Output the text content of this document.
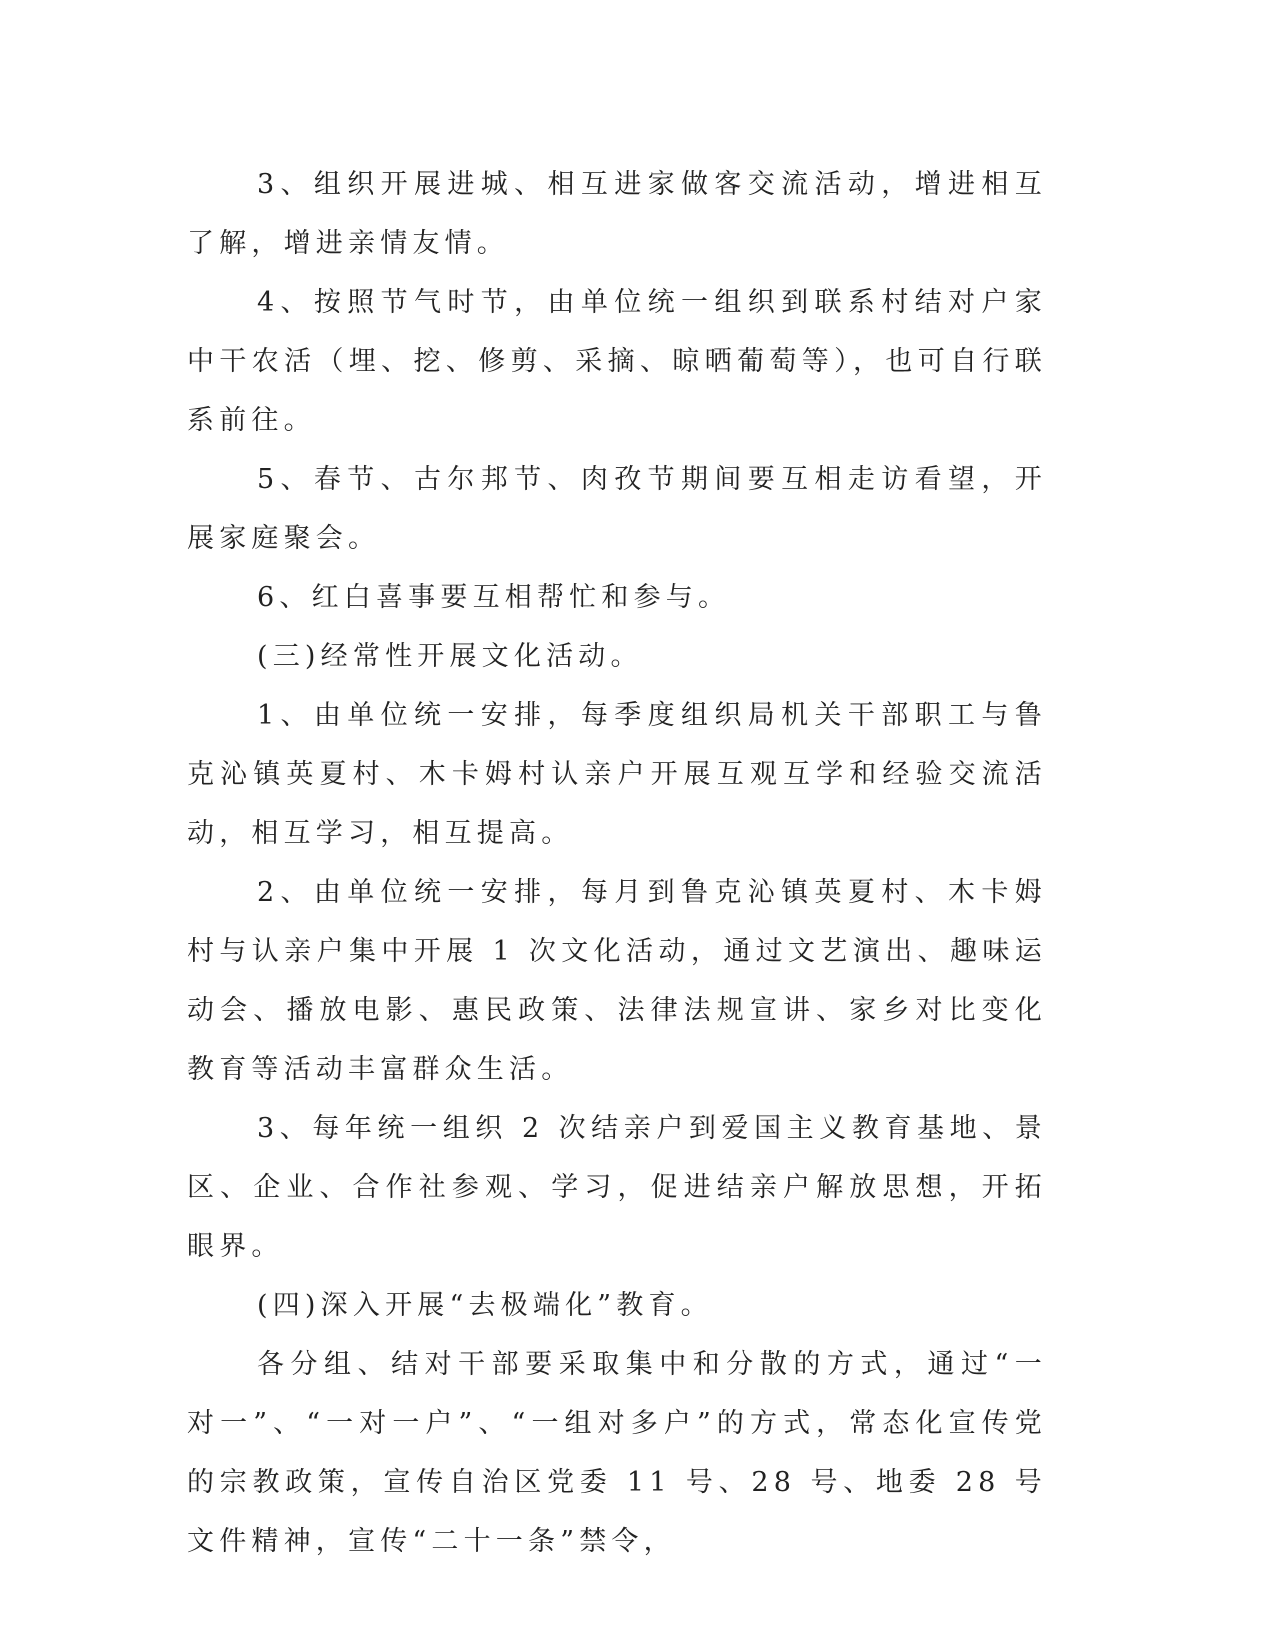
3、组织开展进城、相互进家做客交流活动，增进相互了解，增进亲情友情。

4、按照节气时节，由单位统一组织到联系村结对户家中干农活（埋、挖、修剪、采摘、晾晒葡萄等），也可自行联系前往。

5、春节、古尔邦节、肉孜节期间要互相走访看望，开展家庭聚会。

6、红白喜事要互相帮忙和参与。

(三)经常性开展文化活动。

1、由单位统一安排，每季度组织局机关干部职工与鲁克沁镇英夏村、木卡姆村认亲户开展互观互学和经验交流活动，相互学习，相互提高。

2、由单位统一安排，每月到鲁克沁镇英夏村、木卡姆村与认亲户集中开展 1 次文化活动，通过文艺演出、趣味运动会、播放电影、惠民政策、法律法规宣讲、家乡对比变化教育等活动丰富群众生活。

3、每年统一组织 2 次结亲户到爱国主义教育基地、景区、企业、合作社参观、学习，促进结亲户解放思想，开拓眼界。

(四)深入开展“去极端化”教育。

各分组、结对干部要采取集中和分散的方式，通过“一对一”、“一对一户”、“一组对多户”的方式，常态化宣传党的宗教政策，宣传自治区党委 11 号、28 号、地委 28 号文件精神，宣传“二十一条”禁令，
